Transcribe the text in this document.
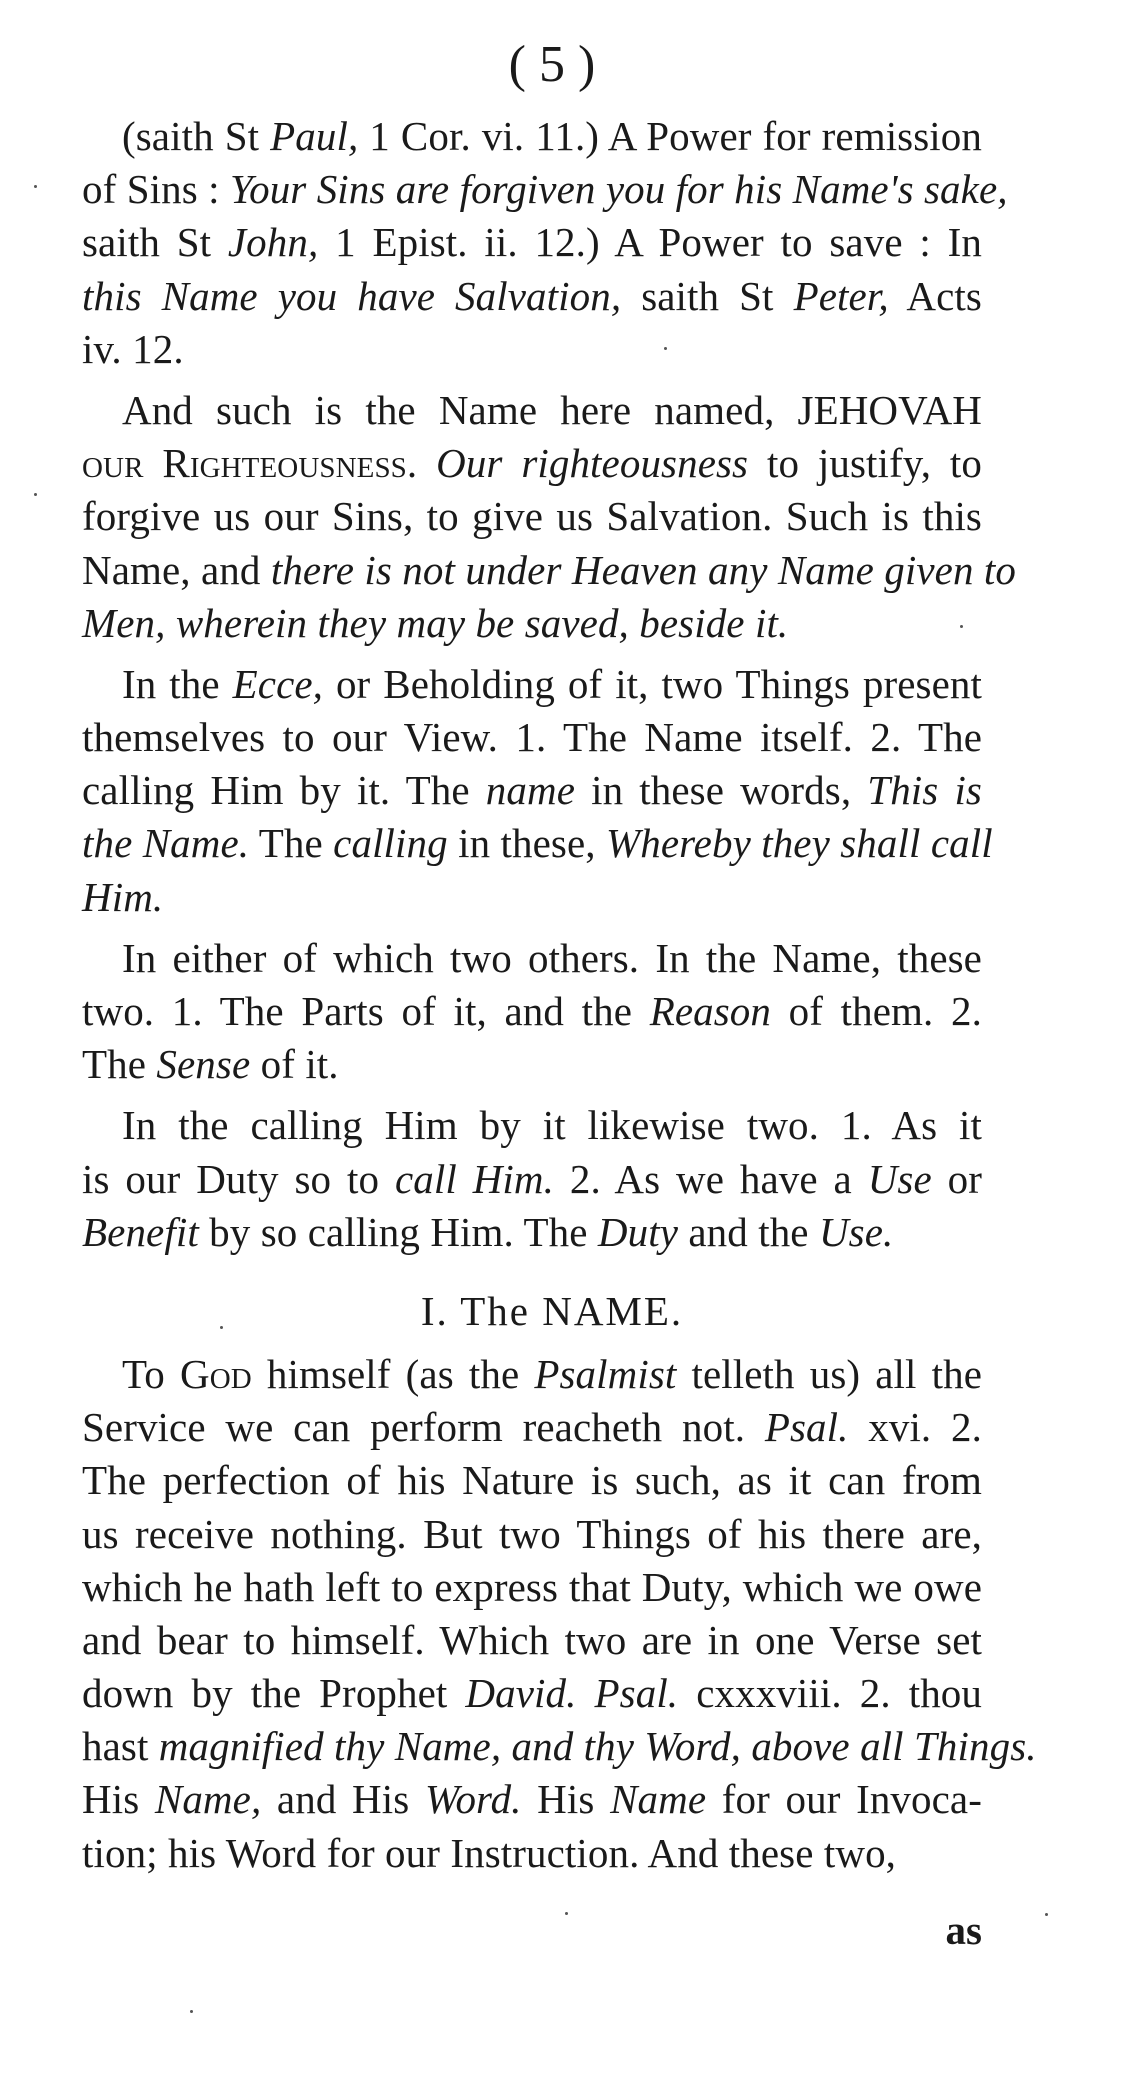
( 5 )
(saith St Paul, 1 Cor. vi. 11.) A Power for remission
of Sins : Your Sins are forgiven you for his Name's sake,
saith St John, 1 Epist. ii. 12.) A Power to save : In
this Name you have Salvation, saith St Peter, Acts
iv. 12.
And such is the Name here named, JEHOVAH
our Righteousness. Our righteousness to justify, to
forgive us our Sins, to give us Salvation. Such is this
Name, and there is not under Heaven any Name given to
Men, wherein they may be saved, beside it.
In the Ecce, or Beholding of it, two Things present
themselves to our View. 1. The Name itself. 2. The
calling Him by it. The name in these words, This is
the Name. The calling in these, Whereby they shall call
Him.
In either of which two others. In the Name, these
two. 1. The Parts of it, and the Reason of them. 2.
The Sense of it.
In the calling Him by it likewise two. 1. As it
is our Duty so to call Him. 2. As we have a Use or
Benefit by so calling Him. The Duty and the Use.
I. The NAME.
To God himself (as the Psalmist telleth us) all the
Service we can perform reacheth not. Psal. xvi. 2.
The perfection of his Nature is such, as it can from
us receive nothing. But two Things of his there are,
which he hath left to express that Duty, which we owe
and bear to himself. Which two are in one Verse set
down by the Prophet David. Psal. cxxxviii. 2. thou
hast magnified thy Name, and thy Word, above all Things.
His Name, and His Word. His Name for our Invoca-
tion; his Word for our Instruction. And these two,
as
